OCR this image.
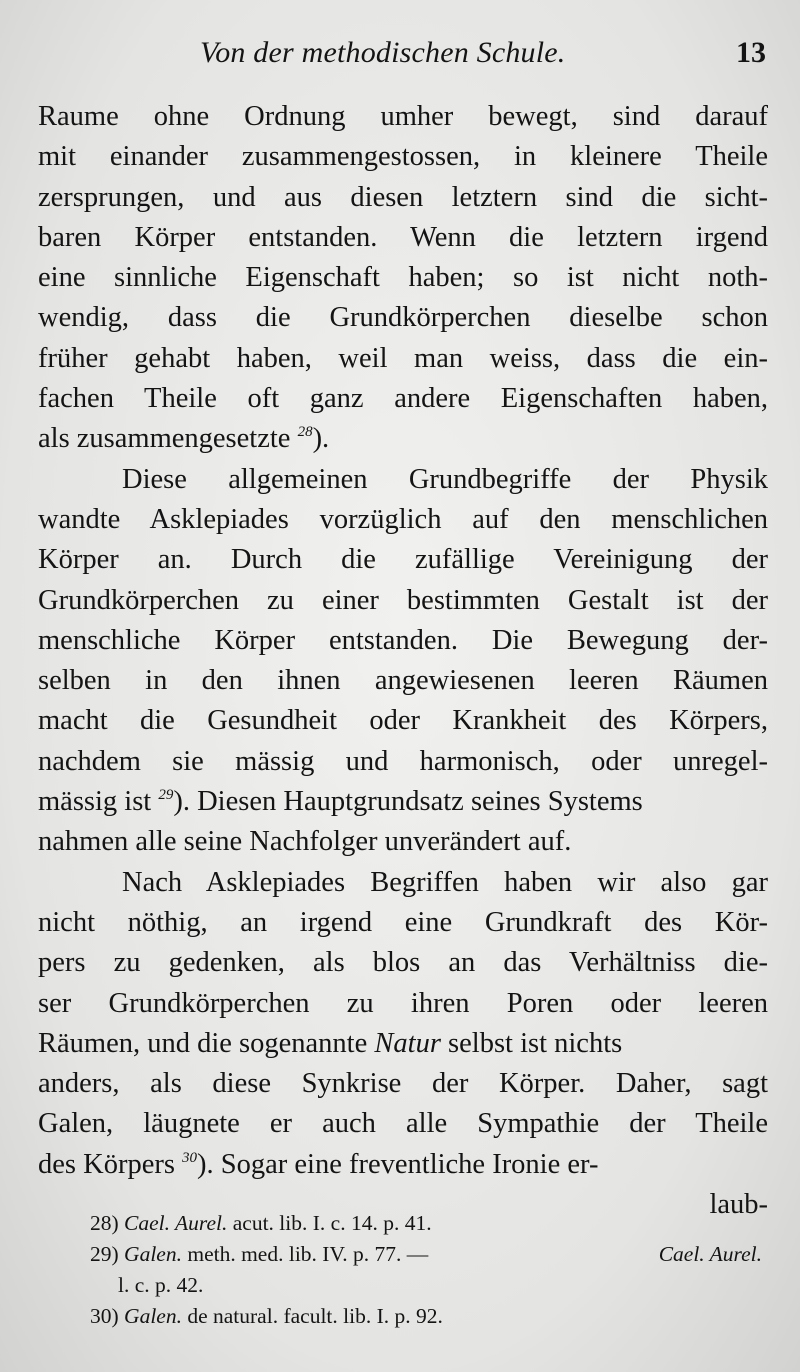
Von der methodischen Schule.	13
Raume ohne Ordnung umher bewegt, sind darauf
mit einander zusammengestossen, in kleinere Theile
zersprungen, und aus diesen letztern sind die sicht-
baren Körper entstanden. Wenn die letztern irgend
eine sinnliche Eigenschaft haben; so ist nicht noth-
wendig, dass die Grundkörperchen dieselbe schon
früher gehabt haben, weil man weiss, dass die ein-
fachen Theile oft ganz andere Eigenschaften haben,
als zusammengesetzte $^{28}$).
Diese allgemeinen Grundbegriffe der Physik
wandte Asklepiades vorzüglich auf den menschlichen
Körper an. Durch die zufällige Vereinigung der
Grundkörperchen zu einer bestimmten Gestalt ist der
menschliche Körper entstanden. Die Bewegung der-
selben in den ihnen angewiesenen leeren Räumen
macht die Gesundheit oder Krankheit des Körpers,
nachdem sie mässig und harmonisch, oder unregel-
mässig ist $^{29}$). Diesen Hauptgrundsatz seines Systems
nahmen alle seine Nachfolger unverändert auf.
Nach Asklepiades Begriffen haben wir also gar
nicht nöthig, an irgend eine Grundkraft des Kör-
pers zu gedenken, als blos an das Verhältniss die-
ser Grundkörperchen zu ihren Poren oder leeren
Räumen, und die sogenannte Natur selbst ist nichts
anders, als diese Synkrise der Körper. Daher, sagt
Galen, läugnete er auch alle Sympathie der Theile
des Körpers $^{30}$). Sogar eine freventliche Ironie er-
laub-
28) Cael. Aurel. acut. lib. I. c. 14. p. 41.
29) Galen. meth. med. lib. IV. p. 77. —	Cael. Aurel.
l. c. p. 42.
30) Galen. de natural. facult. lib. I. p. 92.
